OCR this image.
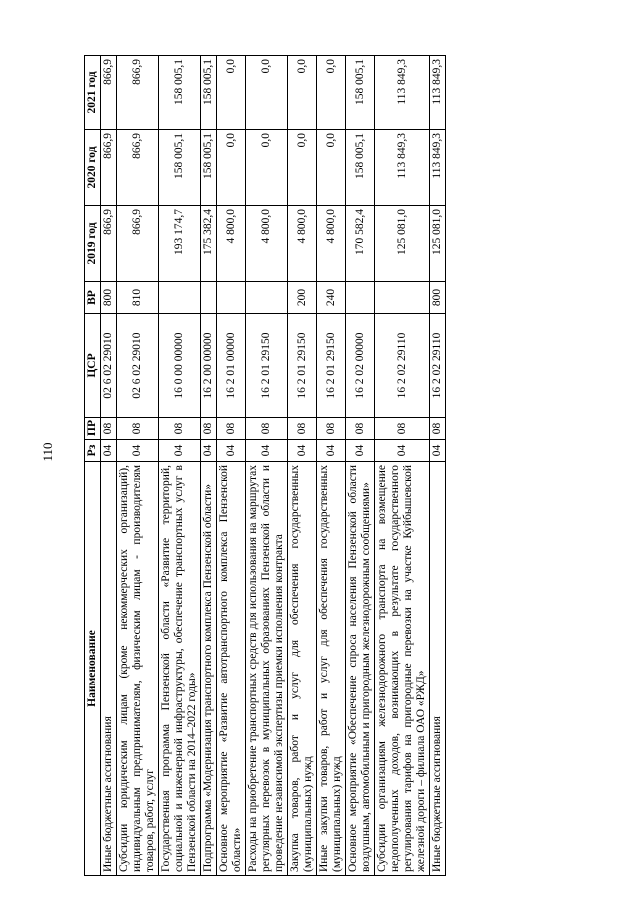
110
Наименование	Рз	ПР	ЦСР	ВР	2019 год	2020 год	2021 год
Иные бюджетные ассигнования	04	08	02 6 02 29010	800	866,9	866,9	866,9
Субсидии юридическим лицам (кроме некоммерческих организаций), индивидуальным предпринимателям, физическим лицам - производителям товаров, работ, услуг	04	08	02 6 02 29010	810	866,9	866,9	866,9
Государственная программа Пензенской области «Развитие территорий, социальной и инженерной инфраструктуры, обеспечение транспортных услуг в Пензенской области на 2014–2022 годы»	04	08	16 0 00 00000		193 174,7	158 005,1	158 005,1
Подпрограмма «Модернизация транспортного комплекса Пензенской области»	04	08	16 2 00 00000		175 382,4	158 005,1	158 005,1
Основное мероприятие «Развитие автотранспортного комплекса Пензенской области»	04	08	16 2 01 00000		4 800,0	0,0	0,0
Расходы на приобретение транспортных средств для использования на маршрутах регулярных перевозок в муниципальных образованиях Пензенской области и проведение независимой экспертизы приемки исполнения контракта	04	08	16 2 01 29150		4 800,0	0,0	0,0
Закупка товаров, работ и услуг для обеспечения государственных (муниципальных) нужд	04	08	16 2 01 29150	200	4 800,0	0,0	0,0
Иные закупки товаров, работ и услуг для обеспечения государственных (муниципальных) нужд	04	08	16 2 01 29150	240	4 800,0	0,0	0,0
Основное мероприятие «Обеспечение спроса населения Пензенской области воздушным, автомобильным и пригородным железнодорожным сообщениями»	04	08	16 2 02 00000		170 582,4	158 005,1	158 005,1
Субсидии организациям железнодорожного транспорта на возмещение недополученных доходов, возникающих в результате государственного регулирования тарифов на пригородные перевозки на участке Куйбышевской железной дороги – филиала ОАО «РЖД»	04	08	16 2 02 29110		125 081,0	113 849,3	113 849,3
Иные бюджетные ассигнования	04	08	16 2 02 29110	800	125 081,0	113 849,3	113 849,3
